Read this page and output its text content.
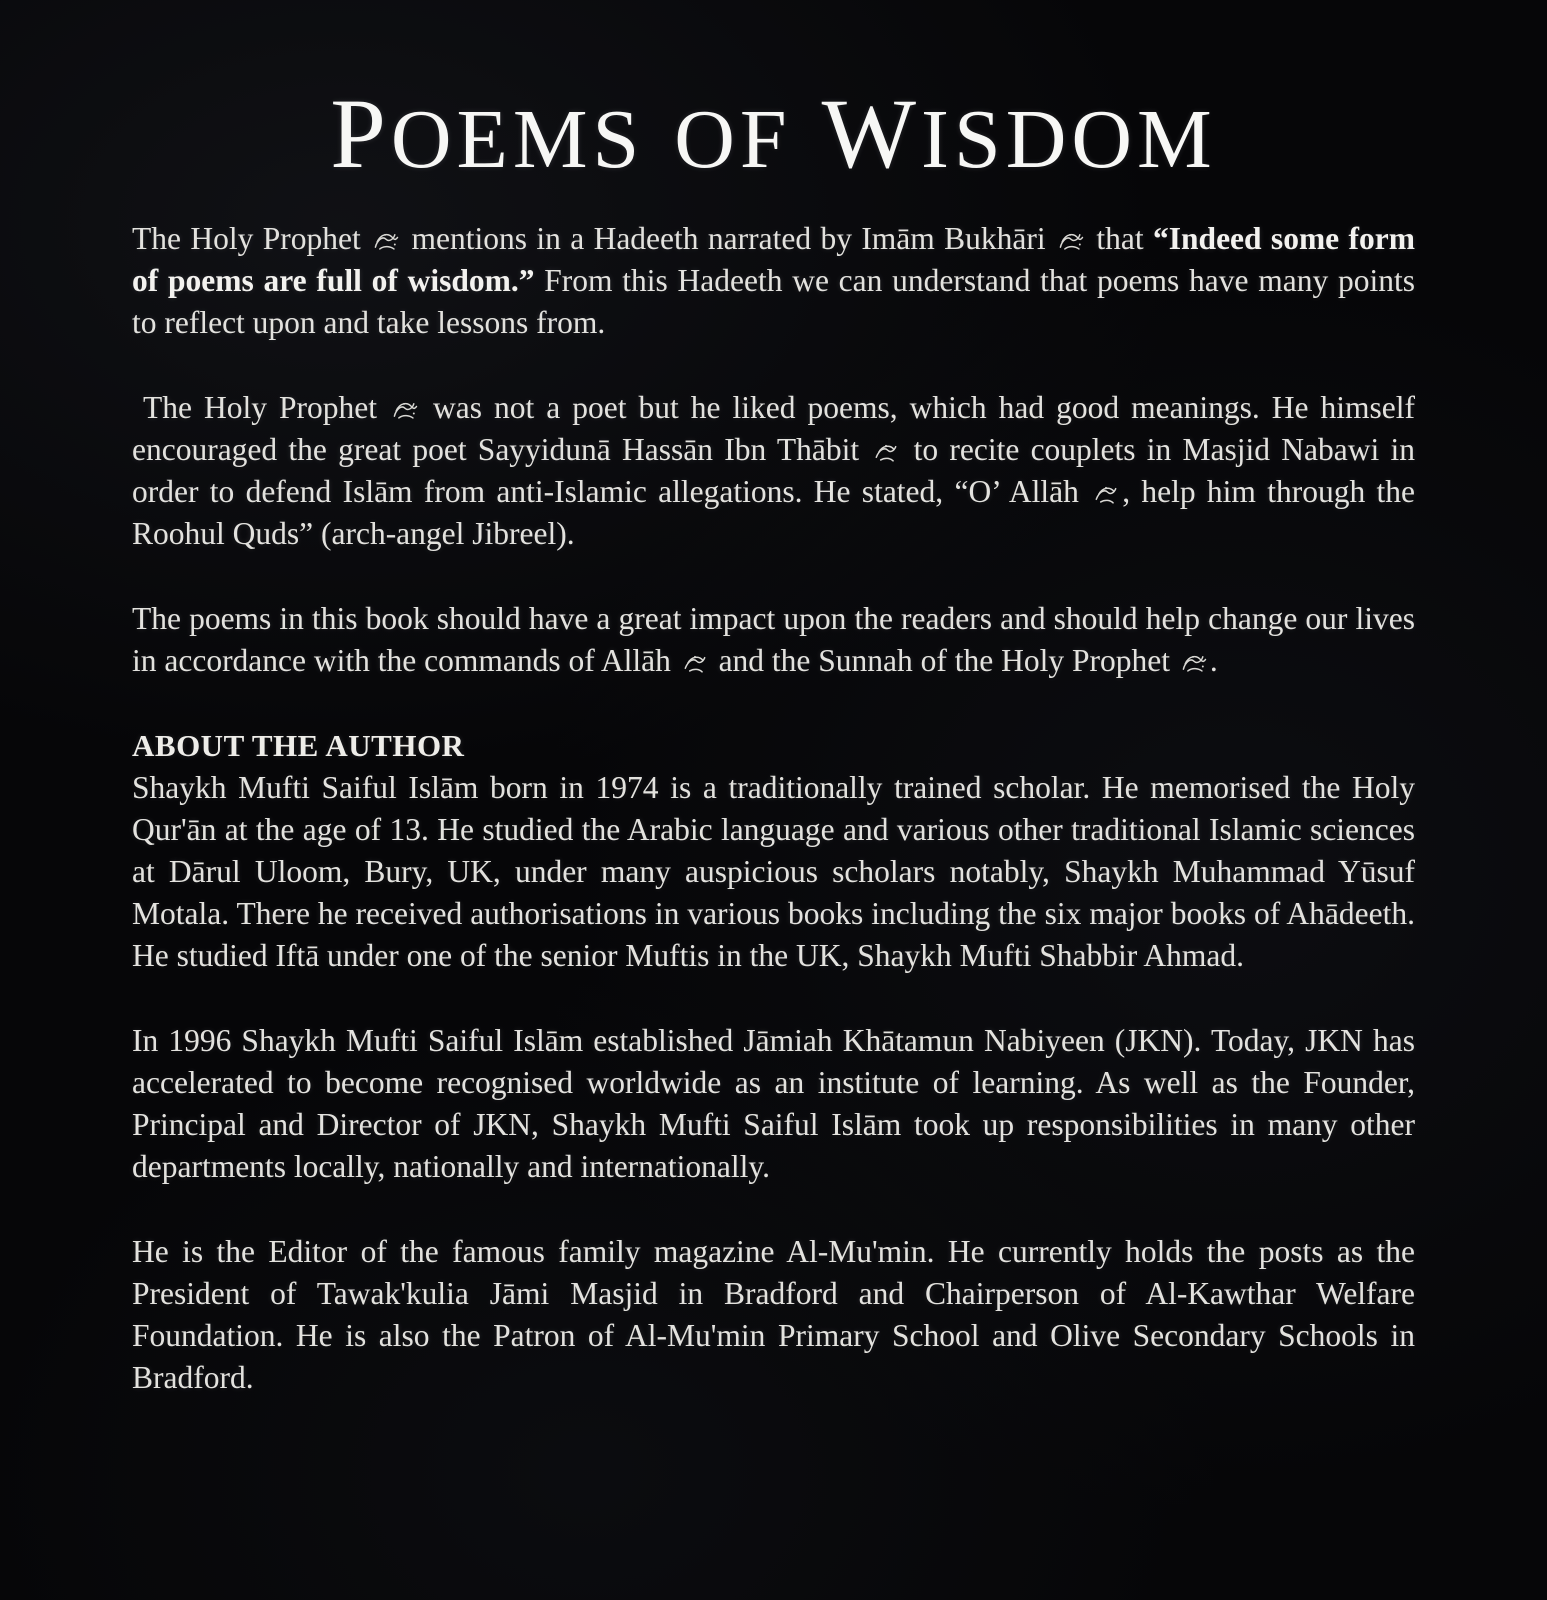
POEMS OF WISDOM

The Holy Prophet  mentions in a Hadeeth narrated by Imām Bukhāri  that “Indeed some form of poems are full of wisdom.” From this Hadeeth we can understand that poems have many points to reflect upon and take lessons from.

The Holy Prophet  was not a poet but he liked poems, which had good meanings. He himself encouraged the great poet Sayyidunā Hassān Ibn Thābit  to recite couplets in Masjid Nabawi in order to defend Islām from anti-Islamic allegations. He stated, “O’ Allāh , help him through the Roohul Quds” (arch-angel Jibreel).

The poems in this book should have a great impact upon the readers and should help change our lives in accordance with the commands of Allāh  and the Sunnah of the Holy Prophet .

ABOUT THE AUTHOR

Shaykh Mufti Saiful Islām born in 1974 is a traditionally trained scholar. He memorised the Holy Qur'ān at the age of 13. He studied the Arabic language and various other traditional Islamic sciences at Dārul Uloom, Bury, UK, under many auspicious scholars notably, Shaykh Muhammad Yūsuf Motala. There he received authorisations in various books including the six major books of Ahādeeth. He studied Iftā under one of the senior Muftis in the UK, Shaykh Mufti Shabbir Ahmad.

In 1996 Shaykh Mufti Saiful Islām established Jāmiah Khātamun Nabiyeen (JKN). Today, JKN has accelerated to become recognised worldwide as an institute of learning. As well as the Founder, Principal and Director of JKN, Shaykh Mufti Saiful Islām took up responsibilities in many other departments locally, nationally and internationally.

He is the Editor of the famous family magazine Al-Mu'min. He currently holds the posts as the President of Tawak'kulia Jāmi Masjid in Bradford and Chairperson of Al-Kawthar Welfare Foundation. He is also the Patron of Al-Mu'min Primary School and Olive Secondary Schools in Bradford.
